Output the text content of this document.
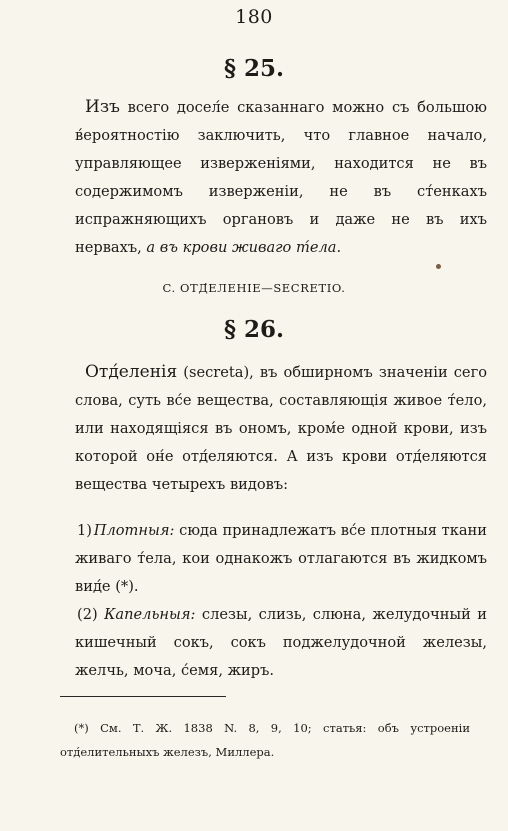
180
§ 25.

Изъ всего досел́е сказаннаго можно съ большою в́ероятностію заключить, что главное начало, управляющее изверженіями, находится не въ содержимомъ изверженіи, не въ ст́енкахъ испражняющихъ органовъ и даже не въ ихъ нервахъ, а въ крови живаго т́ела.

C. ОТД́ЕЛЕНІЕ—SECRETIO.
§ 26.

Отд́еленія (secreta), въ обширномъ значеніи сего слова, суть вс́е вещества, составляющія живое т́ело, или находящіяся въ ономъ, кром́е одной крови, изъ которой он́е отд́еляются. А изъ крови отд́еляются вещества четырехъ видовъ:

1) Плотныя: сюда принадлежатъ вс́е плотныя ткани живаго т́ела, кои однакожъ отлагаются въ жидкомъ вид́е (*).

(2) Капельныя: слезы, слизь, слюна, желудочный и кишечный сокъ, сокъ поджелудочной железы, желчь, моча, с́емя, жиръ.

(*) См. Т. Ж. 1838 N. 8, 9, 10; статья: объ устроеніи отд́елительныхъ железъ, Миллера.
